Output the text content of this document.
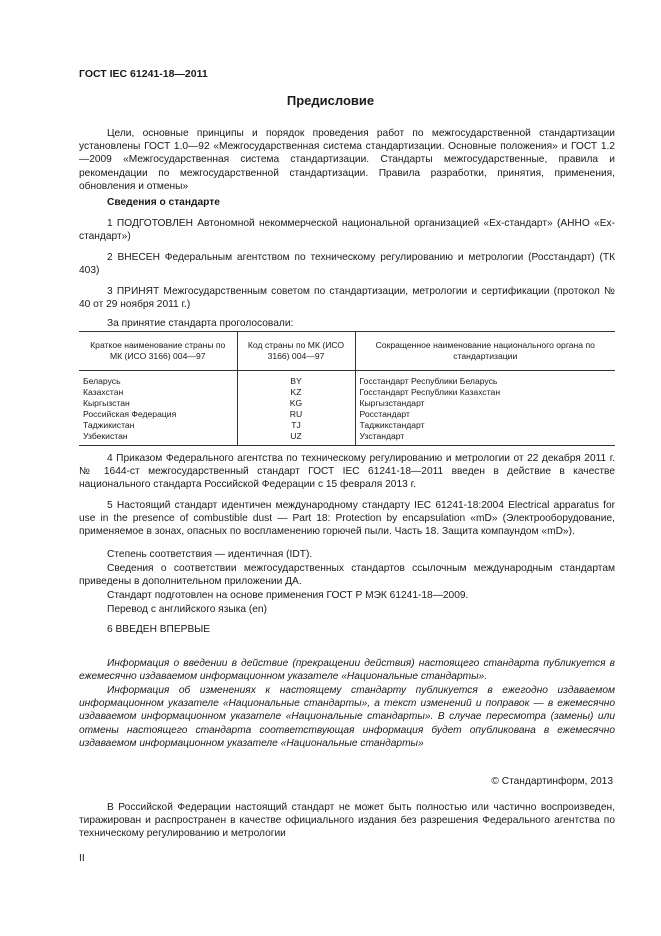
ГОСТ IEC 61241-18—2011
Предисловие
Цели, основные принципы и порядок проведения работ по межгосударственной стандартизации установлены ГОСТ 1.0—92 «Межгосударственная система стандартизации. Основные положения» и ГОСТ 1.2—2009 «Межгосударственная система стандартизации. Стандарты межгосударственные, правила и рекомендации по межгосударственной стандартизации. Правила разработки, принятия, применения, обновления и отмены»
Сведения о стандарте
1 ПОДГОТОВЛЕН Автономной некоммерческой национальной организацией «Ех-стандарт» (АННО «Ех-стандарт»)
2 ВНЕСЕН Федеральным агентством по техническому регулированию и метрологии (Росстандарт) (ТК 403)
3 ПРИНЯТ Межгосударственным советом по стандартизации, метрологии и сертификации (протокол № 40 от 29 ноября 2011 г.)
За принятие стандарта проголосовали:
Краткое наименование страны по МК (ИСО 3166) 004—97	Код страны по МК (ИСО 3166) 004—97	Сокращенное наименование национального органа по стандартизации
Беларусь	BY	Госстандарт Республики Беларусь
Казахстан	KZ	Госстандарт Республики Казахстан
Кыргызстан	KG	Кыргызстандарт
Российская Федерация	RU	Росстандарт
Таджикистан	TJ	Таджикстандарт
Узбекистан	UZ	Узстандарт
4 Приказом Федерального агентства по техническому регулированию и метрологии от 22 декабря 2011 г. № 1644-ст межгосударственный стандарт ГОСТ IEC 61241-18—2011 введен в действие в качестве национального стандарта Российской Федерации с 15 февраля 2013 г.
5 Настоящий стандарт идентичен международному стандарту IEC 61241-18:2004 Electrical apparatus for use in the presence of combustible dust — Part 18: Protection by encapsulation «mD» (Электрооборудование, применяемое в зонах, опасных по воспламенению горючей пыли. Часть 18. Защита компаундом «mD»).
Степень соответствия — идентичная (IDT).
Сведения о соответствии межгосударственных стандартов ссылочным международным стандартам приведены в дополнительном приложении ДА.
Стандарт подготовлен на основе применения ГОСТ Р МЭК 61241-18—2009.
Перевод с английского языка (en)
6 ВВЕДЕН ВПЕРВЫЕ
Информация о введении в действие (прекращении действия) настоящего стандарта публикуется в ежемесячно издаваемом информационном указателе «Национальные стандарты».
Информация об изменениях к настоящему стандарту публикуется в ежегодно издаваемом информационном указателе «Национальные стандарты», а текст изменений и поправок — в ежемесячно издаваемом информационном указателе «Национальные стандарты». В случае пересмотра (замены) или отмены настоящего стандарта соответствующая информация будет опубликована в ежемесячно издаваемом информационном указателе «Национальные стандарты»
© Стандартинформ, 2013
В Российской Федерации настоящий стандарт не может быть полностью или частично воспроизведен, тиражирован и распространен в качестве официального издания без разрешения Федерального агентства по техническому регулированию и метрологии
II
